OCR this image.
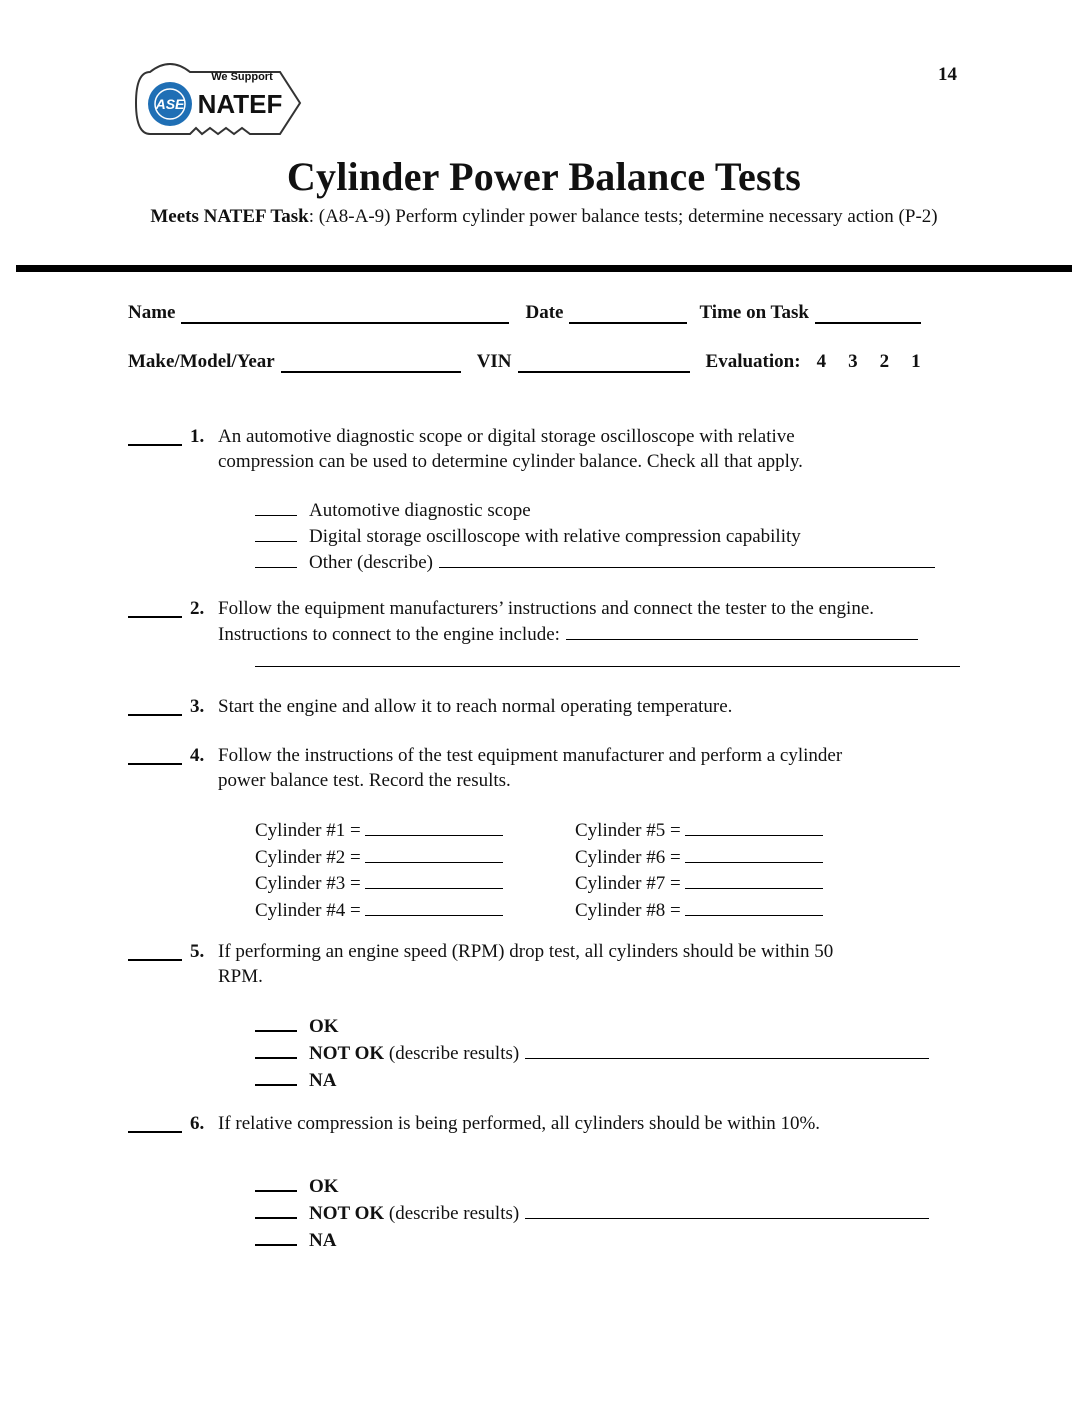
14
ASE
We Support
NATEF
Cylinder Power Balance Tests
Meets NATEF Task: (A8-A-9) Perform cylinder power balance tests; determine necessary action (P-2)
Name	Date	Time on Task
Make/Model/Year	VIN	Evaluation: 4 3 2 1
1. An automotive diagnostic scope or digital storage oscilloscope with relative
compression can be used to determine cylinder balance. Check all that apply.
Automotive diagnostic scope
Digital storage oscilloscope with relative compression capability
Other (describe)
2. Follow the equipment manufacturers’ instructions and connect the tester to the engine.
Instructions to connect to the engine include:
3. Start the engine and allow it to reach normal operating temperature.
4. Follow the instructions of the test equipment manufacturer and perform a cylinder
power balance test. Record the results.
Cylinder #1 =
Cylinder #2 =
Cylinder #3 =
Cylinder #4 =
Cylinder #5 =
Cylinder #6 =
Cylinder #7 =
Cylinder #8 =
5. If performing an engine speed (RPM) drop test, all cylinders should be within 50
RPM.
OK
NOT OK (describe results)
NA
6. If relative compression is being performed, all cylinders should be within 10%.
OK
NOT OK (describe results)
NA
